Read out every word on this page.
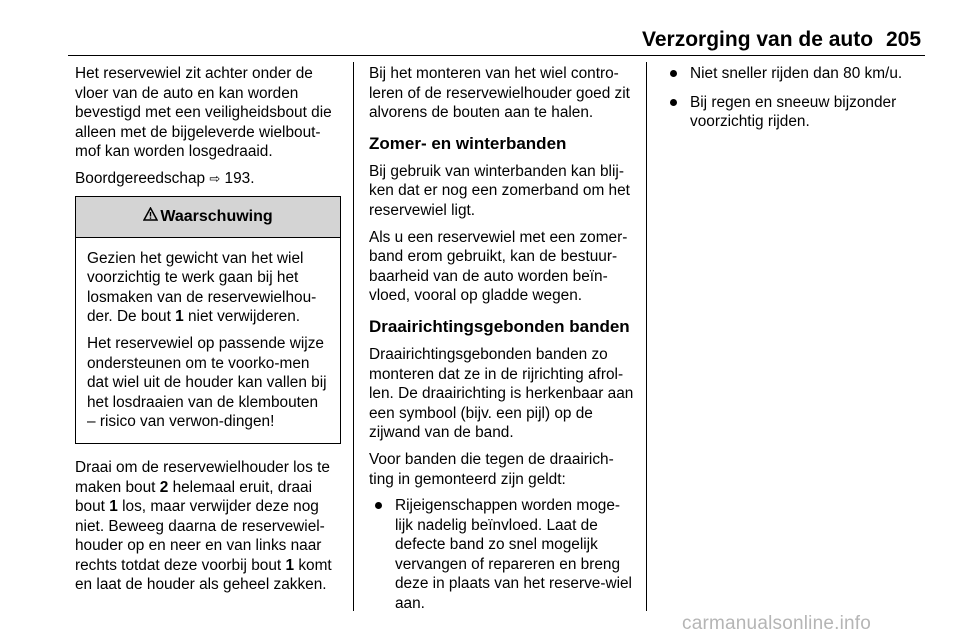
Verzorging van de auto 205

Het reservewiel zit achter onder de vloer van de auto en kan worden bevestigd met een veiligheidsbout die alleen met de bijgeleverde wielbout-mof kan worden losgedraaid.

Boordgereedschap ⇨ 193.

Waarschuwing

Gezien het gewicht van het wiel voorzichtig te werk gaan bij het losmaken van de reservewielhou-der. De bout 1 niet verwijderen.

Het reservewiel op passende wijze ondersteunen om te voorko-men dat wiel uit de houder kan vallen bij het losdraaien van de klembouten – risico van verwon-dingen!

Draai om de reservewielhouder los te maken bout 2 helemaal eruit, draai bout 1 los, maar verwijder deze nog niet. Beweeg daarna de reservewiel-houder op en neer en van links naar rechts totdat deze voorbij bout 1 komt en laat de houder als geheel zakken.

Bij het monteren van het wiel contro-leren of de reservewielhouder goed zit alvorens de bouten aan te halen.

Zomer- en winterbanden

Bij gebruik van winterbanden kan blij-ken dat er nog een zomerband om het reservewiel ligt.

Als u een reservewiel met een zomer-band erom gebruikt, kan de bestuur-baarheid van de auto worden beïn-vloed, vooral op gladde wegen.

Draairichtingsgebonden banden

Draairichtingsgebonden banden zo monteren dat ze in de rijrichting afrol-len. De draairichting is herkenbaar aan een symbool (bijv. een pijl) op de zijwand van de band.

Voor banden die tegen de draairich-ting in gemonteerd zijn geldt:

Rijeigenschappen worden moge-lijk nadelig beïnvloed. Laat de defecte band zo snel mogelijk vervangen of repareren en breng deze in plaats van het reserve-wiel aan.
Niet sneller rijden dan 80 km/u.
Bij regen en sneeuw bijzonder voorzichtig rijden.
carmanualsonline.info
